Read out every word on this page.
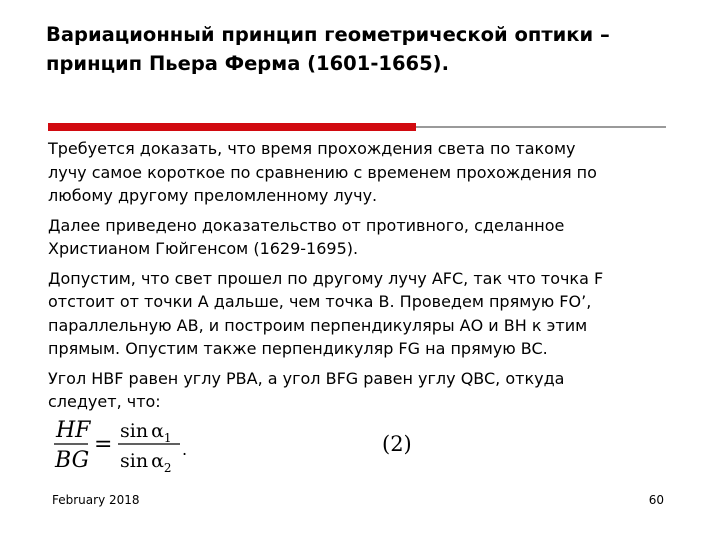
Вариационный принцип геометрической оптики –
принцип Пьера Ферма (1601-1665).
Требуется доказать, что время прохождения света по такому
лучу самое короткое по сравнению с временем прохождения по
любому другому преломленному лучу.
Далее приведено доказательство от противного, сделанное
Христианом Гюйгенсом (1629-1695).
Допустим, что свет прошел по другому лучу AFC, так что точка F
отстоит от точки А дальше, чем точка В. Проведем прямую FO’,
параллельную AB, и построим перпендикуляры АО и ВН к этим
прямым. Опустим также перпендикуляр FG на прямую BC.
Угол HBF равен углу PBA, а угол BFG равен углу QBC, откуда
следует, что:
HF
BG
=
$\sin \alpha_1$
$\sin \alpha_2$
.	(2)
February 2018	60
